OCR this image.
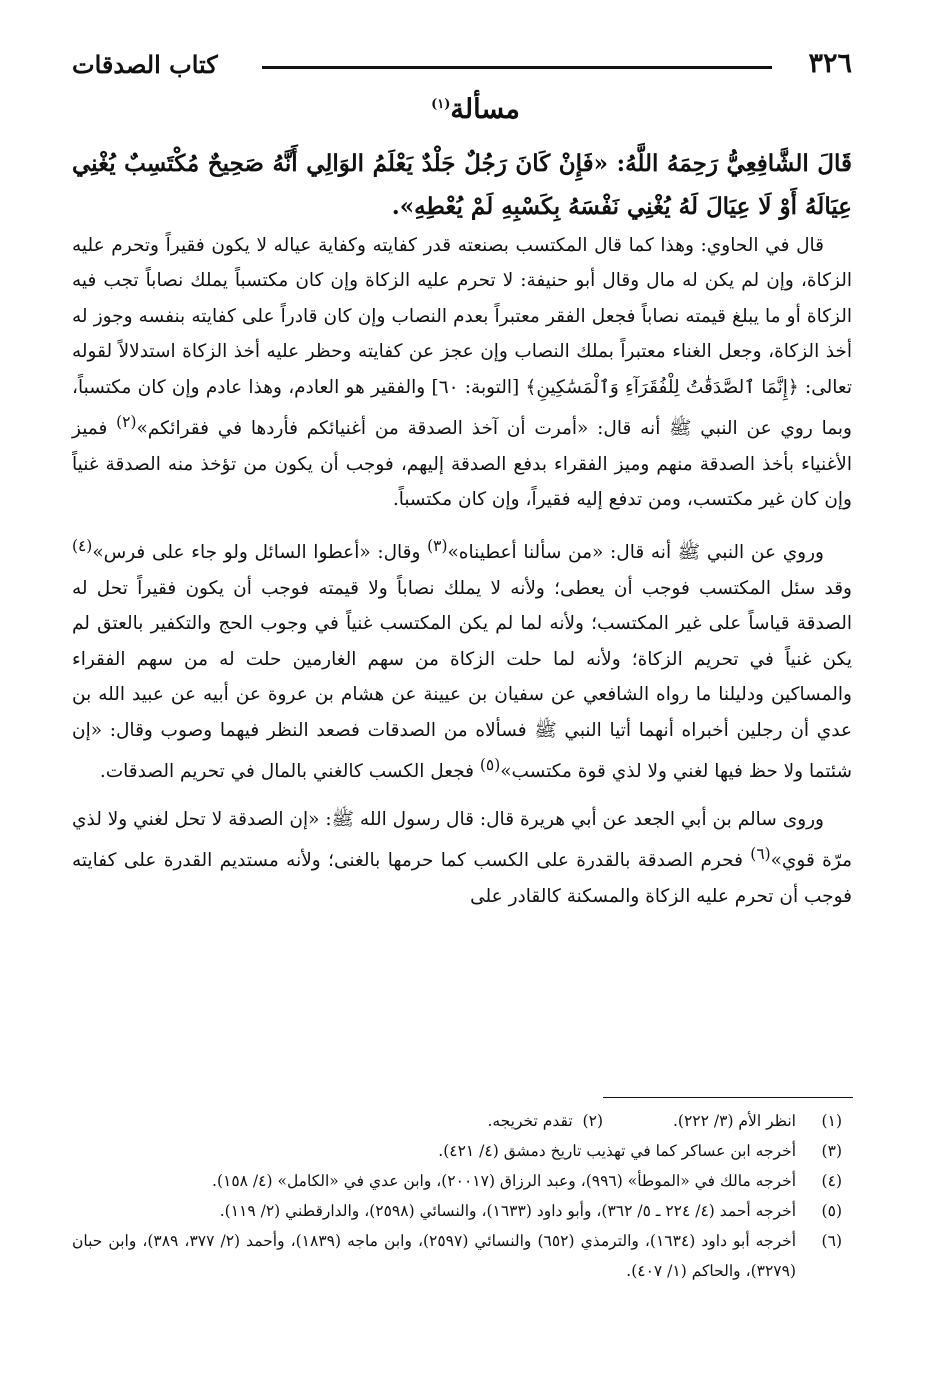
٣٢٦
كتاب الصدقات
مسألة$^{(١)}$
قَالَ الشَّافِعِيُّ رَحِمَهُ اللَّهُ: «فَإِنْ كَانَ رَجُلٌ جَلْدٌ يَعْلَمُ الوَالِي أَنَّهُ صَحِيحٌ مُكْتَسِبٌ يُغْنِي عِيَالَهُ أَوْ لَا عِيَالَ لَهُ يُغْنِي نَفْسَهُ بِكَسْبِهِ لَمْ يُعْطِهِ».

قال في الحاوي: وهذا كما قال المكتسب بصنعته قدر كفايته وكفاية عياله لا يكون فقيراً وتحرم عليه الزكاة، وإن لم يكن له مال وقال أبو حنيفة: لا تحرم عليه الزكاة وإن كان مكتسباً يملك نصاباً تجب فيه الزكاة أو ما يبلغ قيمته نصاباً فجعل الفقر معتبراً بعدم النصاب وإن كان قادراً على كفايته بنفسه وجوز له أخذ الزكاة، وجعل الغناء معتبراً بملك النصاب وإن عجز عن كفايته وحظر عليه أخذ الزكاة استدلالاً لقوله تعالى: ﴿إِنَّمَا ٱلصَّدَقَٰتُ لِلْفُقَرَآءِ وَٱلْمَسَٰكِينِ﴾ [التوبة: ٦٠] والفقير هو العادم، وهذا عادم وإن كان مكتسباً، وبما روي عن النبي ﷺ أنه قال: «أمرت أن آخذ الصدقة من أغنيائكم فأردها في فقرائكم»$^{(٢)}$ فميز الأغنياء بأخذ الصدقة منهم وميز الفقراء بدفع الصدقة إليهم، فوجب أن يكون من تؤخذ منه الصدقة غنياً وإن كان غير مكتسب، ومن تدفع إليه فقيراً، وإن كان مكتسباً.

وروي عن النبي ﷺ أنه قال: «من سألنا أعطيناه»$^{(٣)}$ وقال: «أعطوا السائل ولو جاء على فرس»$^{(٤)}$ وقد سئل المكتسب فوجب أن يعطى؛ ولأنه لا يملك نصاباً ولا قيمته فوجب أن يكون فقيراً تحل له الصدقة قياساً على غير المكتسب؛ ولأنه لما لم يكن المكتسب غنياً في وجوب الحج والتكفير بالعتق لم يكن غنياً في تحريم الزكاة؛ ولأنه لما حلت الزكاة من سهم الغارمين حلت له من سهم الفقراء والمساكين ودليلنا ما رواه الشافعي عن سفيان بن عيينة عن هشام بن عروة عن أبيه عن عبيد الله بن عدي أن رجلين أخبراه أنهما أتيا النبي ﷺ فسألاه من الصدقات فصعد النظر فيهما وصوب وقال: «إن شئتما ولا حظ فيها لغني ولا لذي قوة مكتسب»$^{(٥)}$ فجعل الكسب كالغني بالمال في تحريم الصدقات.

وروى سالم بن أبي الجعد عن أبي هريرة قال: قال رسول الله ﷺ: «إن الصدقة لا تحل لغني ولا لذي مرّة قوي»$^{(٦)}$ فحرم الصدقة بالقدرة على الكسب كما حرمها بالغنى؛ ولأنه مستديم القدرة على كفايته فوجب أن تحرم عليه الزكاة والمسكنة كالقادر على

(١)
انظر الأم (٣/ ٢٢٢).(٢)  تقدم تخريجه.
(٣)
أخرجه ابن عساكر كما في تهذيب تاريخ دمشق (٤/ ٤٢١).
(٤)
أخرجه مالك في «الموطأ» (٩٩٦)، وعبد الرزاق (٢٠٠١٧)، وابن عدي في «الكامل» (٤/ ١٥٨).
(٥)
أخرجه أحمد (٤/ ٢٢٤ ـ ٥/ ٣٦٢)، وأبو داود (١٦٣٣)، والنسائي (٢٥٩٨)، والدارقطني (٢/ ١١٩).
(٦)
أخرجه أبو داود (١٦٣٤)، والترمذي (٦٥٢) والنسائي (٢٥٩٧)، وابن ماجه (١٨٣٩)، وأحمد (٢/ ٣٧٧، ٣٨٩)، وابن حبان (٣٢٧٩)، والحاكم (١/ ٤٠٧).
